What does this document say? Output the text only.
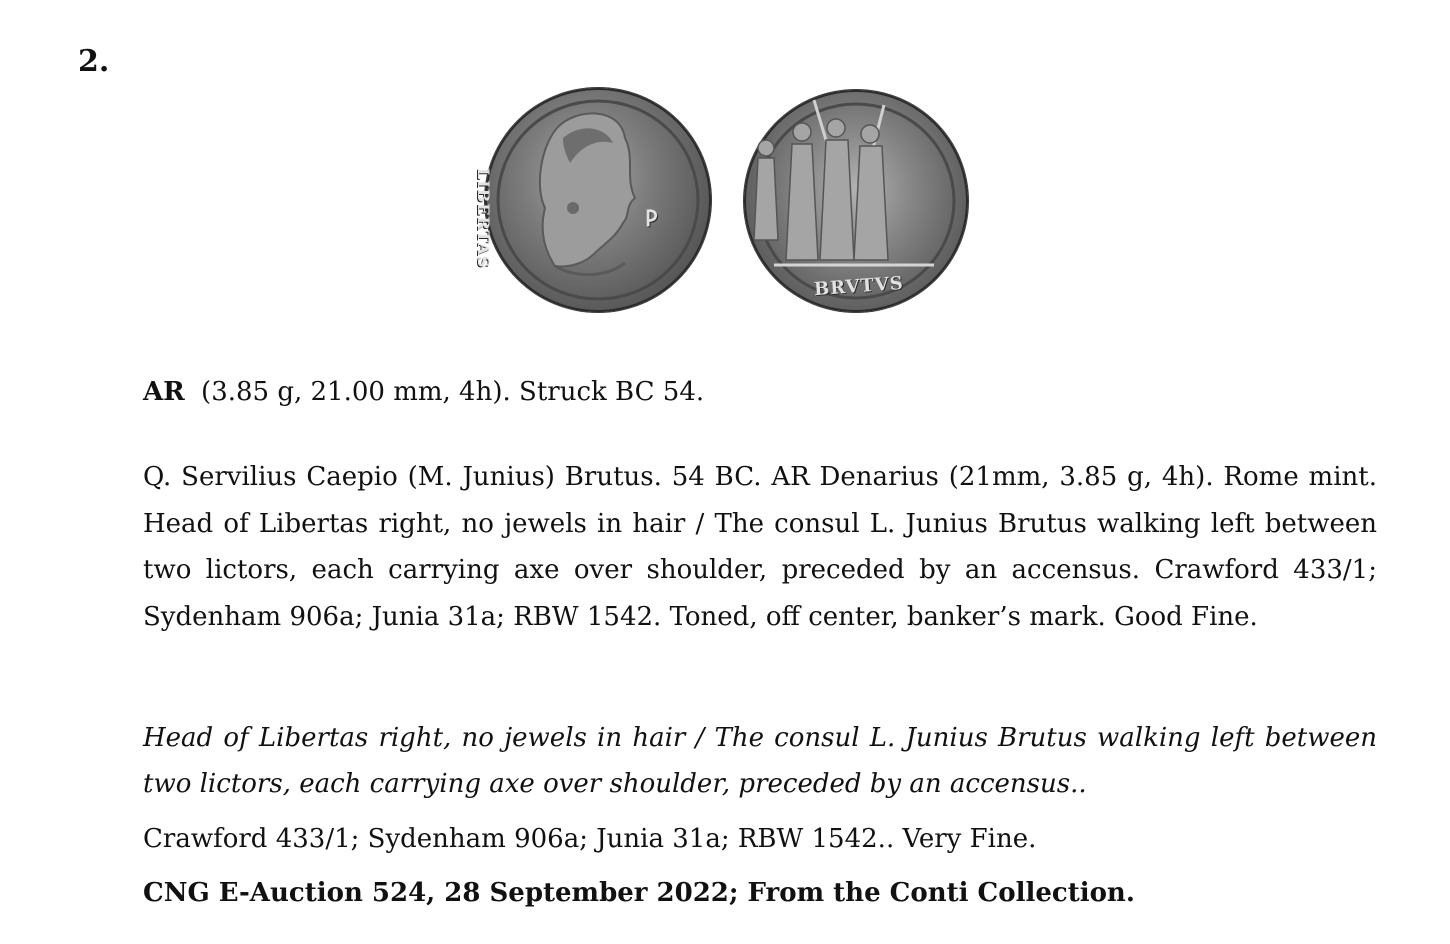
2.

LIBERTAS	𐌓
BRVTVS

AR (3.85 g, 21.00 mm, 4h). Struck BC 54.

Q. Servilius Caepio (M. Junius) Brutus. 54 BC. AR Denarius (21mm, 3.85 g, 4h). Rome mint. Head of Libertas right, no jewels in hair / The consul L. Junius Brutus walking left between two lictors, each carrying axe over shoulder, preceded by an accensus. Crawford 433/1; Sydenham 906a; Junia 31a; RBW 1542. Toned, off center, banker’s mark. Good Fine.

Head of Libertas right, no jewels in hair / The consul L. Junius Brutus walking left between two lictors, each carrying axe over shoulder, preceded by an accensus..

Crawford 433/1; Sydenham 906a; Junia 31a; RBW 1542.. Very Fine.

CNG E-Auction 524, 28 September 2022; From the Conti Collection.
